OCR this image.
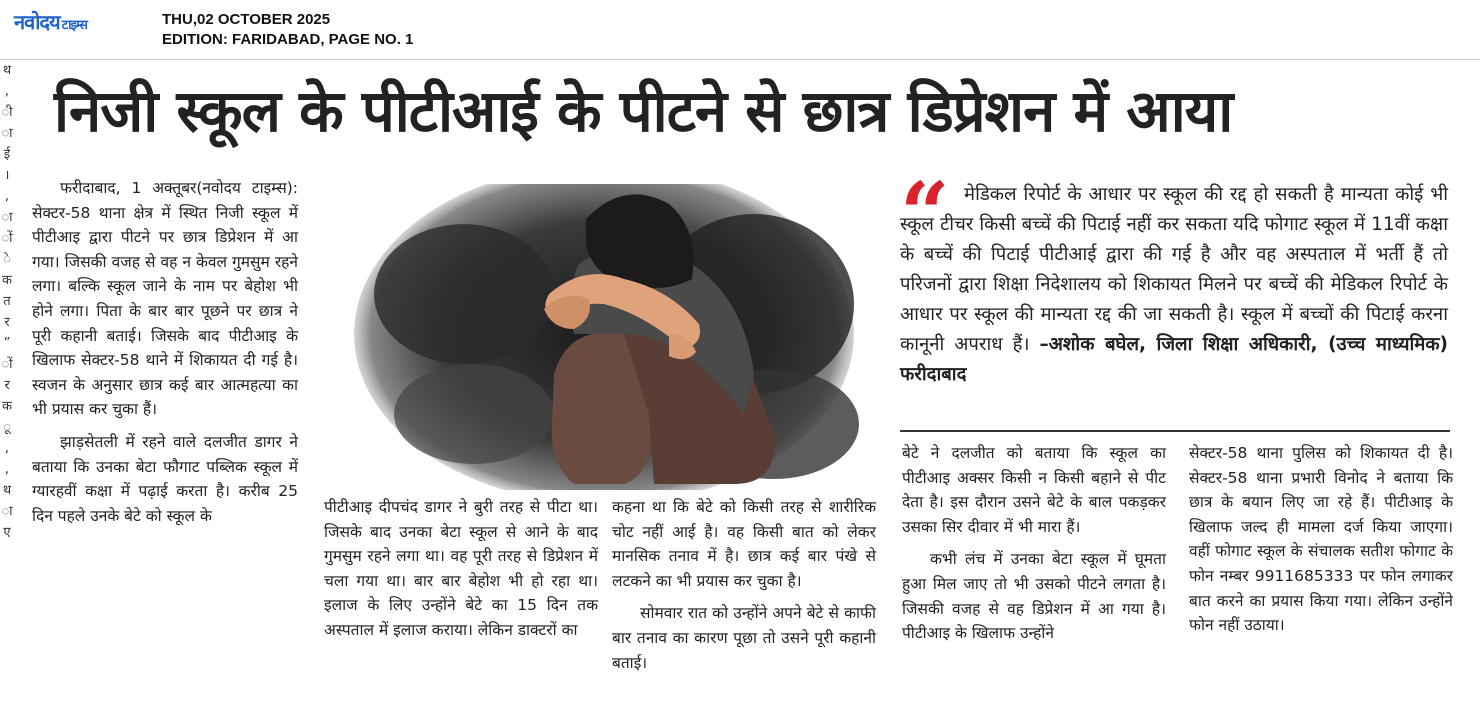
नवोदय टाइम्स	THU,02 OCTOBER 2025
EDITION: FARIDABAD, PAGE NO. 1
थ
,
ी
ा
ई
।
,
ा
ों
े
क
त
र
”
ों
र
क
ू
,
,
थ
ा
ए
निजी स्कूल के पीटीआई के पीटने से छात्र डिप्रेशन में आया

फरीदाबाद, 1 अक्तूबर(नवोदय टाइम्स): सेक्टर-58 थाना क्षेत्र में स्थित निजी स्कूल में पीटीआइ द्वारा पीटने पर छात्र डिप्रेशन में आ गया। जिसकी वजह से वह न केवल गुमसुम रहने लगा। बल्कि स्कूल जाने के नाम पर बेहोश भी होने लगा। पिता के बार बार पूछने पर छात्र ने पूरी कहानी बताई। जिसके बाद पीटीआइ के खिलाफ सेक्टर-58 थाने में शिकायत दी गई है। स्वजन के अनुसार छात्र कई बार आत्महत्या का भी प्रयास कर चुका हैं।

झाड़सेतली में रहने वाले दलजीत डागर ने बताया कि उनका बेटा फौगाट पब्लिक स्कूल में ग्यारहवीं कक्षा में पढ़ाई करता है। करीब 25 दिन पहले उनके बेटे को स्कूल के	पीटीआइ दीपचंद डागर ने बुरी तरह से पीटा था। जिसके बाद उनका बेटा स्कूल से आने के बाद गुमसुम रहने लगा था। वह पूरी तरह से डिप्रेशन में चला गया था। बार बार बेहोश भी हो रहा था। इलाज के लिए उन्होंने बेटे का 15 दिन तक अस्पताल में इलाज कराया। लेकिन डाक्टरों का

कहना था कि बेटे को किसी तरह से शारीरिक चोट नहीं आई है। वह किसी बात को लेकर मानसिक तनाव में है। छात्र कई बार पंखे से लटकने का भी प्रयास कर चुका है।

सोमवार रात को उन्होंने अपने बेटे से काफी बार तनाव का कारण पूछा तो उसने पूरी कहानी बताई।

“ मेडिकल रिपोर्ट के आधार पर स्कूल की रद्द हो सकती है मान्यता कोई भी स्कूल टीचर किसी बच्चें की पिटाई नहीं कर सकता यदि फोगाट स्कूल में 11वीं कक्षा के बच्चें की पिटाई पीटीआई द्वारा की गई है और वह अस्पताल में भर्ती हैं तो परिजनों द्वारा शिक्षा निदेशालय को शिकायत मिलने पर बच्चें की मेडिकल रिपोर्ट के आधार पर स्कूल की मान्यता रद्द की जा सकती है। स्कूल में बच्चों की पिटाई करना कानूनी अपराध हैं। –अशोक बघेल, जिला शिक्षा अधिकारी, (उच्च माध्यमिक) फरीदाबाद

बेटे ने दलजीत को बताया कि स्कूल का पीटीआइ अक्सर किसी न किसी बहाने से पीट देता है। इस दौरान उसने बेटे के बाल पकड़कर उसका सिर दीवार में भी मारा हैं।

कभी लंच में उनका बेटा स्कूल में घूमता हुआ मिल जाए तो भी उसको पीटने लगता है। जिसकी वजह से वह डिप्रेशन में आ गया है। पीटीआइ के खिलाफ उन्होंने

सेक्टर-58 थाना पुलिस को शिकायत दी है। सेक्टर-58 थाना प्रभारी विनोद ने बताया कि छात्र के बयान लिए जा रहे हैं। पीटीआइ के खिलाफ जल्द ही मामला दर्ज किया जाएगा। वहीं फोगाट स्कूल के संचालक सतीश फोगाट के फोन नम्बर 9911685333 पर फोन लगाकर बात करने का प्रयास किया गया। लेकिन उन्होंने फोन नहीं उठाया।
